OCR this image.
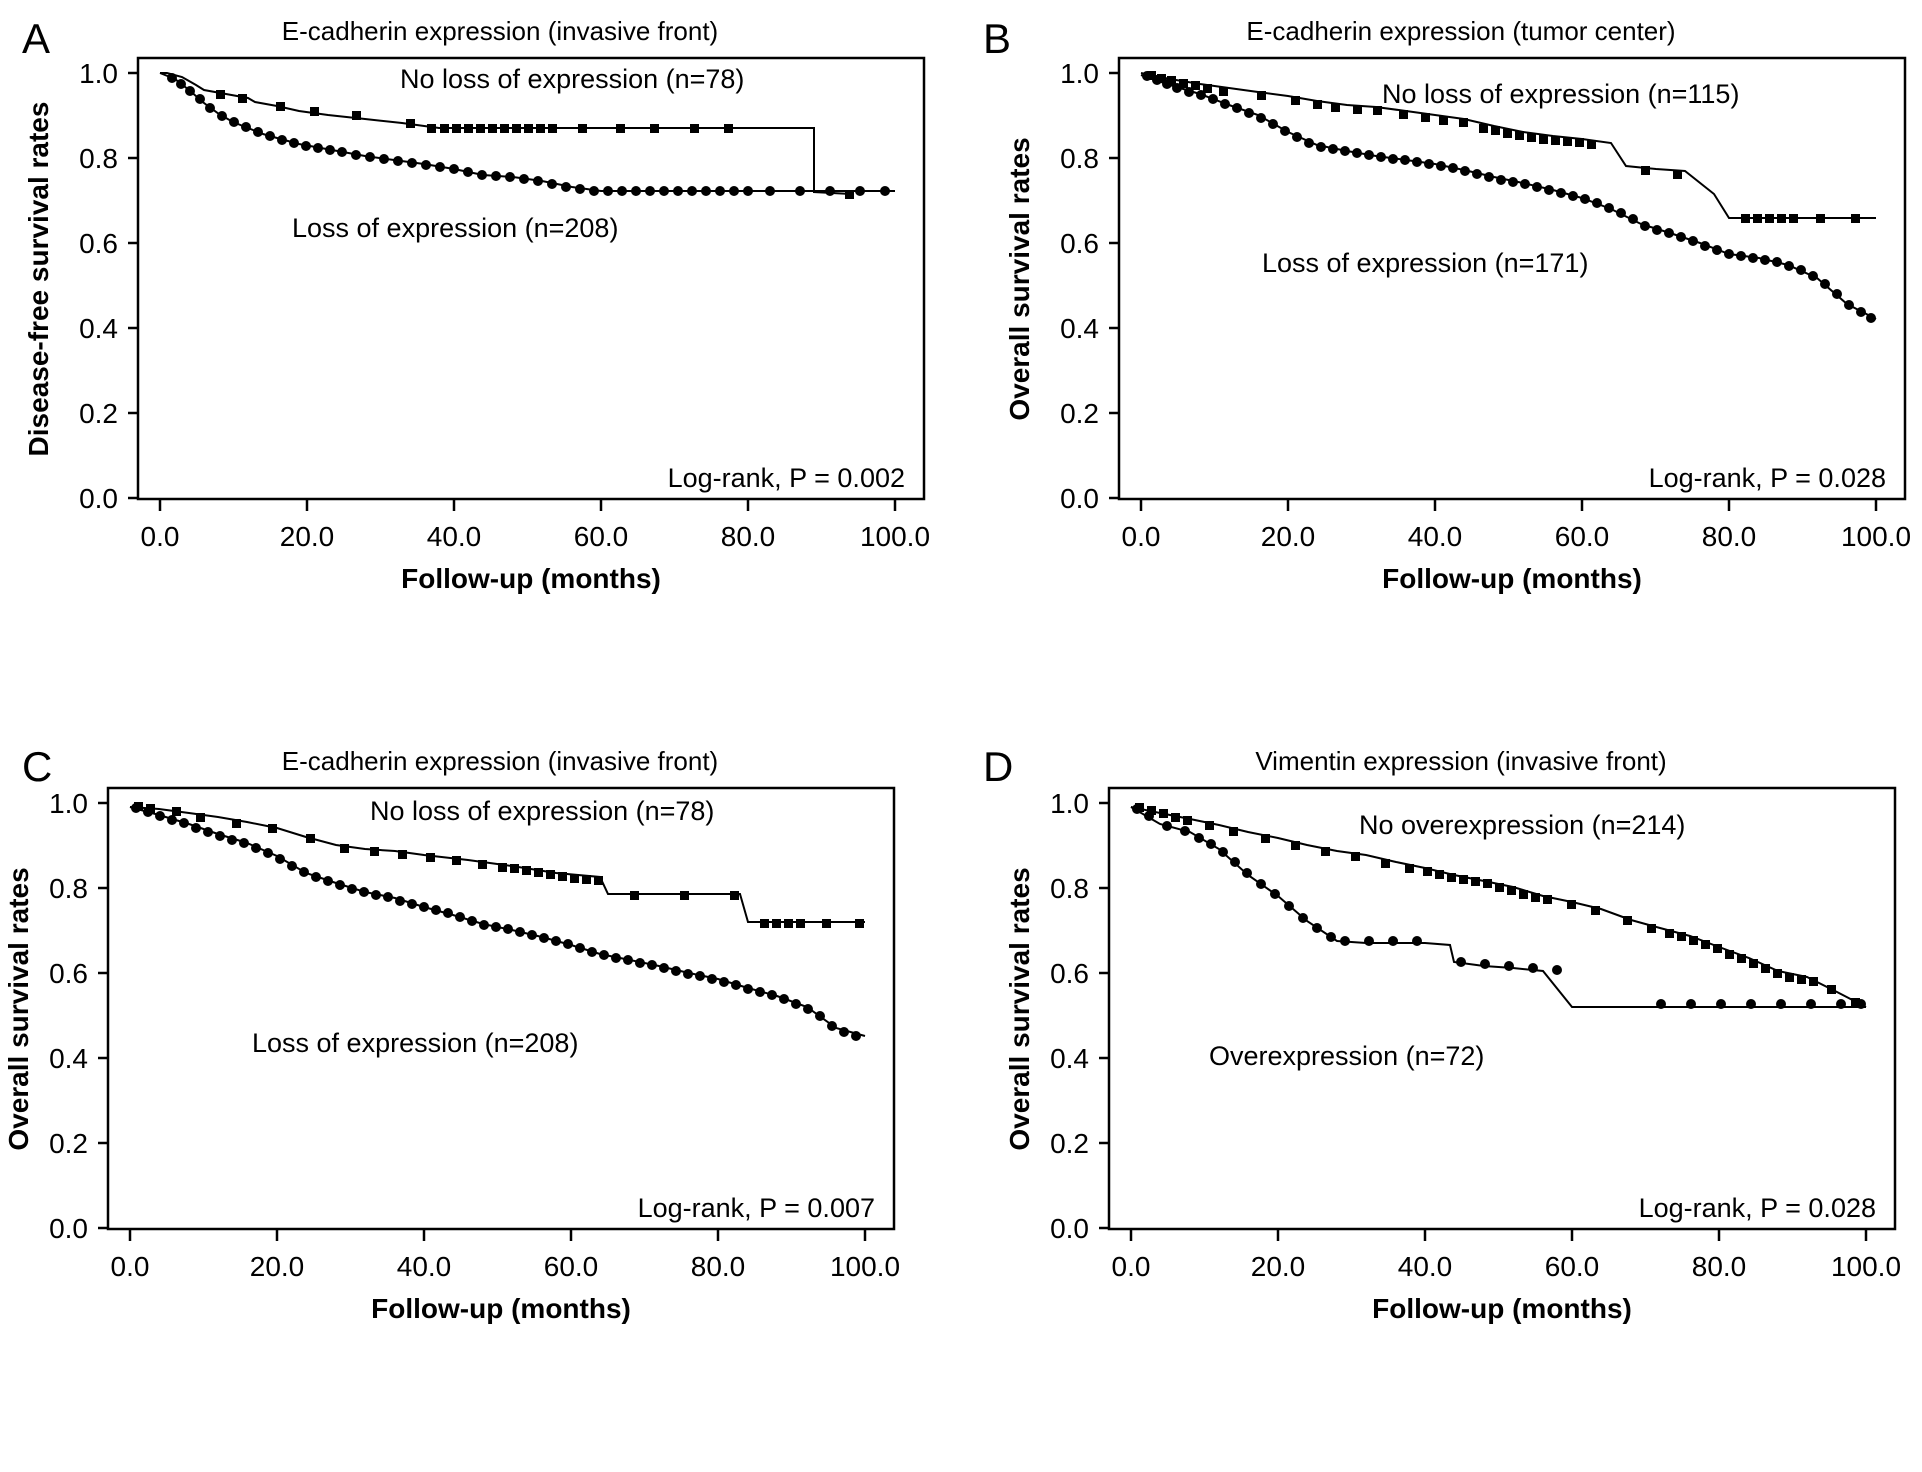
A	E-cadherin expression (invasive front)
1.0
0.8
0.6
0.4
0.2
0.0
0.0	20.0	40.0	60.0	80.0	100.0
Follow-up (months)
Disease-free survival rates
No loss of expression (n=78)
Loss of expression (n=208)
Log-rank, P = 0.002
B	E-cadherin expression (tumor center)
1.0
0.8
0.6
0.4
0.2
0.0
0.0	20.0	40.0	60.0	80.0	100.0
Follow-up (months)
Overall survival rates
No loss of expression (n=115)
Loss of expression (n=171)
Log-rank, P = 0.028
C	E-cadherin expression (invasive front)
1.0
0.8
0.6
0.4
0.2
0.0
0.0	20.0	40.0	60.0	80.0	100.0
Follow-up (months)
Overall survival rates
No loss of expression (n=78)
Loss of expression (n=208)
Log-rank, P = 0.007
D	Vimentin expression (invasive front)
1.0
0.8
0.6
0.4
0.2
0.0
0.0	20.0	40.0	60.0	80.0	100.0
Follow-up (months)
Overall survival rates
No overexpression (n=214)
Overexpression (n=72)
Log-rank, P = 0.028
